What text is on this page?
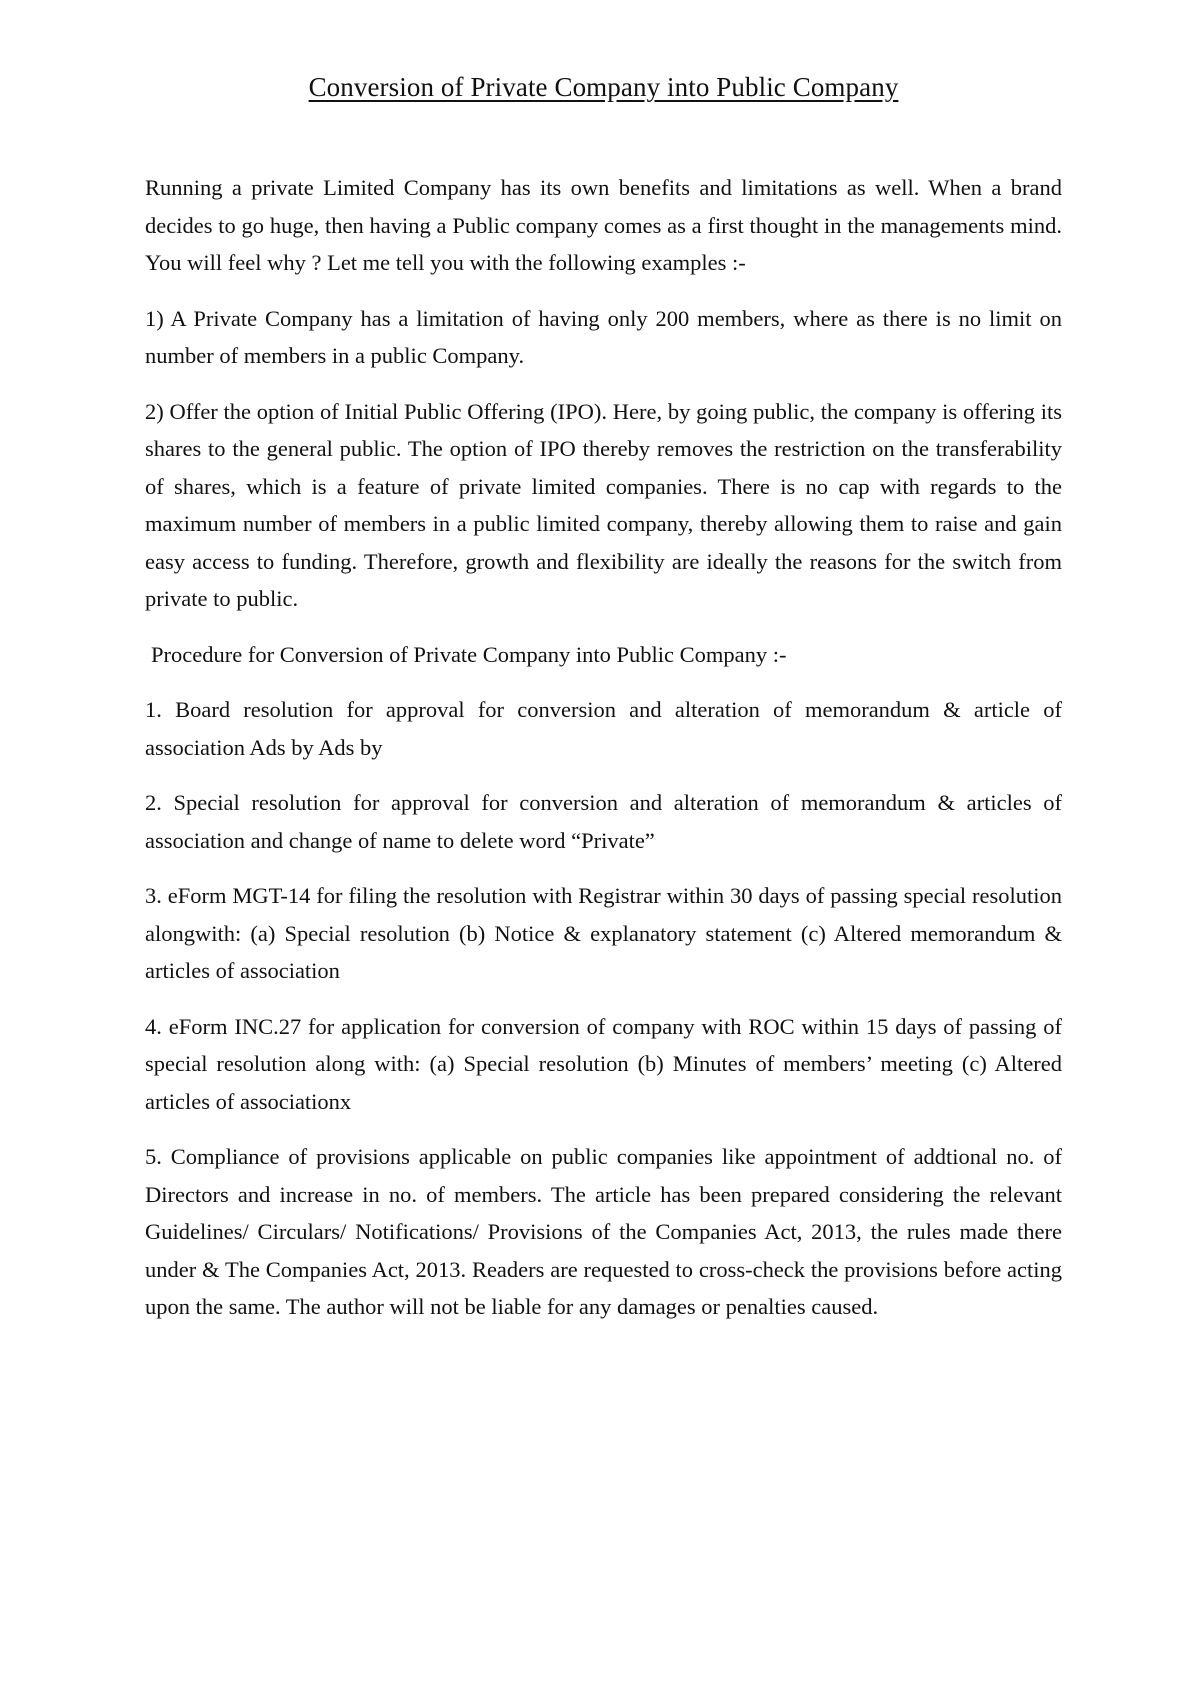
Conversion of Private Company into Public Company

Running a private Limited Company has its own benefits and limitations as well. When a brand decides to go huge, then having a Public company comes as a first thought in the managements mind. You will feel why ? Let me tell you with the following examples :-

1) A Private Company has a limitation of having only 200 members, where as there is no limit on number of members in a public Company.

2) Offer the option of Initial Public Offering (IPO). Here, by going public, the company is offering its shares to the general public. The option of IPO thereby removes the restriction on the transferability of shares, which is a feature of private limited companies. There is no cap with regards to the maximum number of members in a public limited company, thereby allowing them to raise and gain easy access to funding. Therefore, growth and flexibility are ideally the reasons for the switch from private to public.

Procedure for Conversion of Private Company into Public Company :-

1. Board resolution for approval for conversion and alteration of memorandum & article of association Ads by Ads by

2. Special resolution for approval for conversion and alteration of memorandum & articles of association and change of name to delete word “Private”

3. eForm MGT-14 for filing the resolution with Registrar within 30 days of passing special resolution alongwith: (a) Special resolution (b) Notice & explanatory statement (c) Altered memorandum & articles of association

4. eForm INC.27 for application for conversion of company with ROC within 15 days of passing of special resolution along with: (a) Special resolution (b) Minutes of members’ meeting (c) Altered articles of associationx

5. Compliance of provisions applicable on public companies like appointment of addtional no. of Directors and increase in no. of members. The article has been prepared considering the relevant Guidelines/ Circulars/ Notifications/ Provisions of the Companies Act, 2013, the rules made there under & The Companies Act, 2013. Readers are requested to cross-check the provisions before acting upon the same. The author will not be liable for any damages or penalties caused.
